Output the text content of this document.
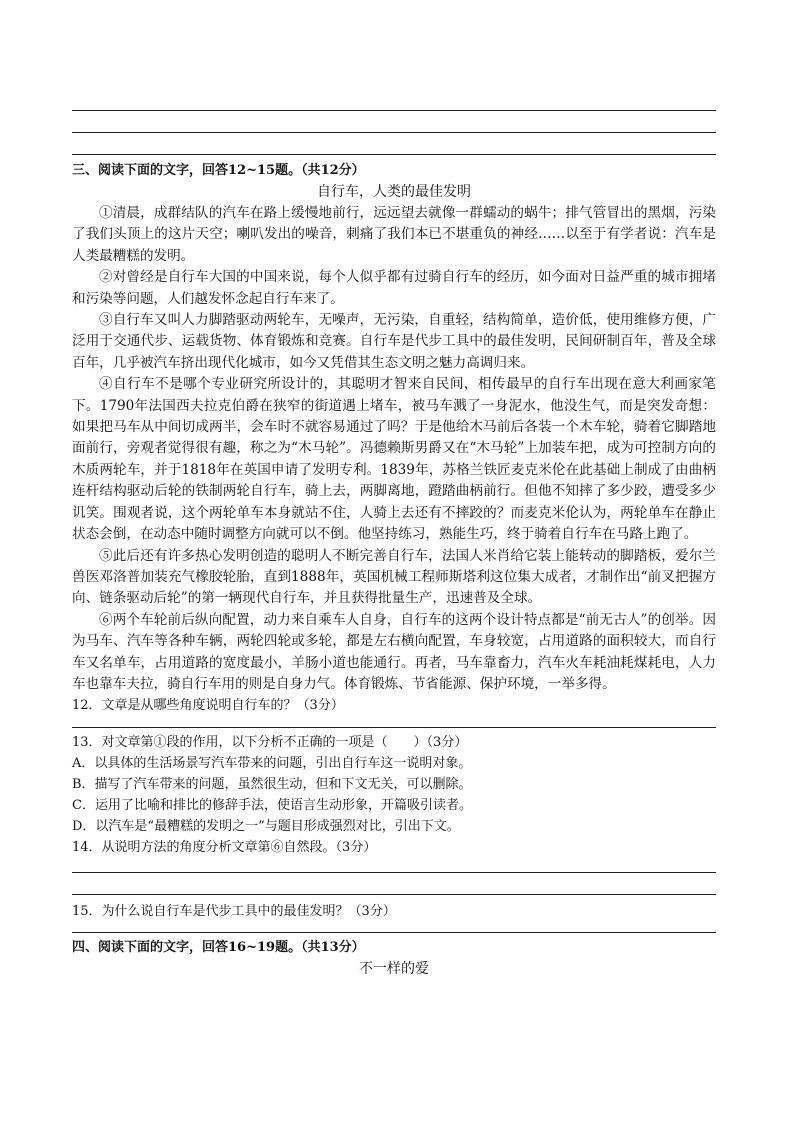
三、阅读下面的文字，回答12~15题。（共12分）
自行车，人类的最佳发明

①清晨，成群结队的汽车在路上缓慢地前行，远远望去就像一群蠕动的蜗牛；排气管冒出的黑烟，污染了我们头顶上的这片天空；喇叭发出的噪音，刺痛了我们本已不堪重负的神经……以至于有学者说：汽车是人类最糟糕的发明。

②对曾经是自行车大国的中国来说，每个人似乎都有过骑自行车的经历，如今面对日益严重的城市拥堵和污染等问题，人们越发怀念起自行车来了。

③自行车又叫人力脚踏驱动两轮车，无噪声，无污染，自重轻，结构简单，造价低，使用维修方便，广泛用于交通代步、运载货物、体育锻炼和竞赛。自行车是代步工具中的最佳发明，民间研制百年，普及全球百年，几乎被汽车挤出现代化城市，如今又凭借其生态文明之魅力高调归来。

④自行车不是哪个专业研究所设计的，其聪明才智来自民间，相传最早的自行车出现在意大利画家笔下。1790年法国西夫拉克伯爵在狭窄的街道遇上堵车，被马车溅了一身泥水，他没生气，而是突发奇想：如果把马车从中间切成两半，会车时不就容易通过了吗？于是他给木马前后各装一个木车轮，骑着它脚踏地面前行，旁观者觉得很有趣，称之为“木马轮”。冯德赖斯男爵又在“木马轮”上加装车把，成为可控制方向的木质两轮车，并于1818年在英国申请了发明专利。1839年，苏格兰铁匠麦克米伦在此基础上制成了由曲柄连杆结构驱动后轮的铁制两轮自行车，骑上去，两脚离地，蹬踏曲柄前行。但他不知摔了多少跤，遭受多少讥笑。围观者说，这个两轮单车本身就站不住，人骑上去还有不摔跤的？而麦克米伦认为，两轮单车在静止状态会倒，在动态中随时调整方向就可以不倒。他坚持练习，熟能生巧，终于骑着自行车在马路上跑了。

⑤此后还有许多热心发明创造的聪明人不断完善自行车，法国人米肖给它装上能转动的脚踏板，爱尔兰兽医邓洛普加装充气橡胶轮胎，直到1888年，英国机械工程师斯塔利这位集大成者，才制作出“前叉把握方向、链条驱动后轮”的第一辆现代自行车，并且获得批量生产，迅速普及全球。

⑥两个车轮前后纵向配置，动力来自乘车人自身，自行车的这两个设计特点都是“前无古人”的创举。因为马车、汽车等各种车辆，两轮四轮或多轮，都是左右横向配置，车身较宽，占用道路的面积较大，而自行车又名单车，占用道路的宽度最小，羊肠小道也能通行。再者，马车靠畜力，汽车火车耗油耗煤耗电，人力车也靠车夫拉，骑自行车用的则是自身力气。体育锻炼、节省能源、保护环境，一举多得。

12．文章是从哪些角度说明自行车的？（3分）

13．对文章第①段的作用，以下分析不正确的一项是（　　）（3分）

A．以具体的生活场景写汽车带来的问题，引出自行车这一说明对象。

B．描写了汽车带来的问题，虽然很生动，但和下文无关，可以删除。

C．运用了比喻和排比的修辞手法，使语言生动形象，开篇吸引读者。

D．以汽车是“最糟糕的发明之一”与题目形成强烈对比，引出下文。

14．从说明方法的角度分析文章第⑥自然段。（3分）

15．为什么说自行车是代步工具中的最佳发明？（3分）

四、阅读下面的文字，回答16~19题。（共13分）
不一样的爱
